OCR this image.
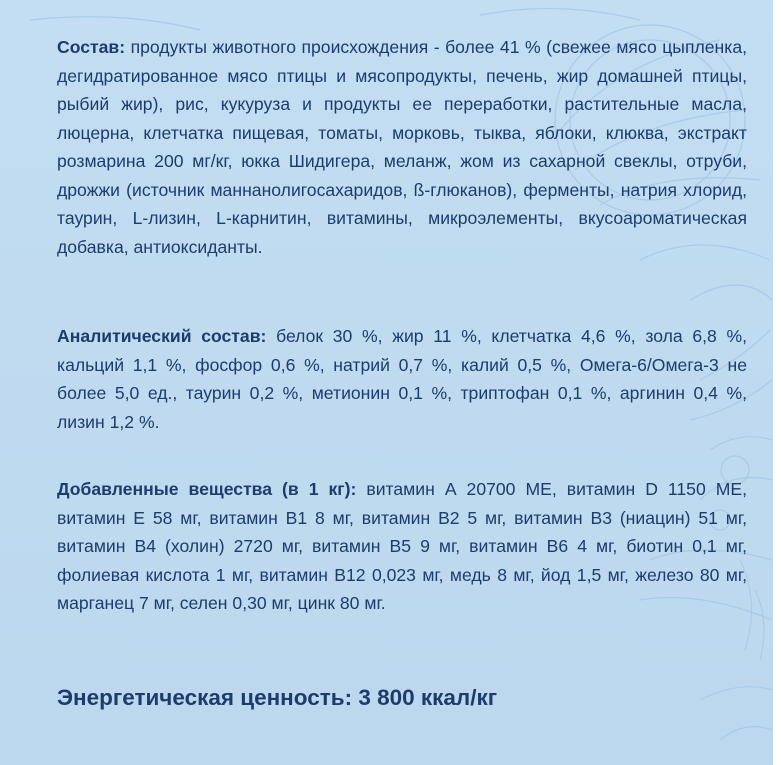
Состав: продукты животного происхождения - более 41 % (свежее мясо цыпленка, дегидратированное мясо птицы и мясопродукты, печень, жир домашней птицы, рыбий жир), рис, кукуруза и продукты ее переработки, растительные масла, люцерна, клетчатка пищевая, томаты, морковь, тыква, яблоки, клюква, экстракт розмарина 200 мг/кг, юкка Шидигера, меланж, жом из сахарной свеклы, отруби, дрожжи (источник маннанолигосахаридов, ß-глюканов), ферменты, натрия хлорид, таурин, L-лизин, L-карнитин, витамины, микроэлементы, вкусоароматическая добавка, антиоксиданты.

Аналитический состав: белок 30 %, жир 11 %, клетчатка 4,6 %, зола 6,8 %, кальций 1,1 %, фосфор 0,6 %, натрий 0,7 %, калий 0,5 %, Омега-6/Омега-3 не более 5,0 ед., таурин 0,2 %, метионин 0,1 %, триптофан 0,1 %, аргинин 0,4 %, лизин 1,2 %.

Добавленные вещества (в 1 кг): витамин А 20700 МЕ, витамин D 1150 МЕ, витамин Е 58 мг, витамин В1 8 мг, витамин В2 5 мг, витамин В3 (ниацин) 51 мг, витамин В4 (холин) 2720 мг, витамин В5 9 мг, витамин В6 4 мг, биотин 0,1 мг, фолиевая кислота 1 мг, витамин В12 0,023 мг, медь 8 мг, йод 1,5 мг, железо 80 мг, марганец 7 мг, селен 0,30 мг, цинк 80 мг.

Энергетическая ценность: 3 800 ккал/кг
